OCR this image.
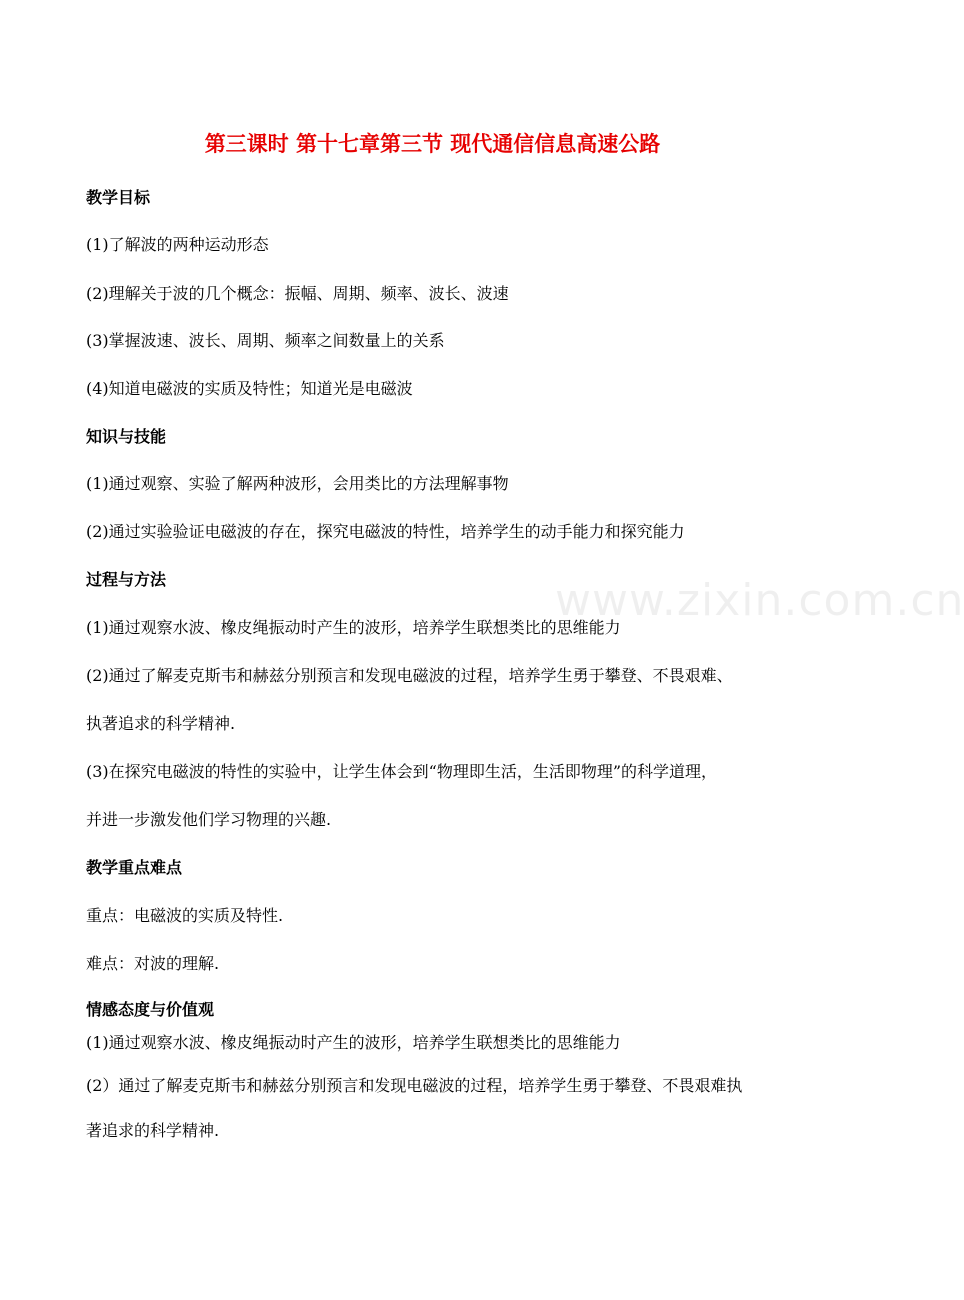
www.zixin.com.cn
第三课时 第十七章第三节 现代通信信息高速公路
教学目标
(1)了解波的两种运动形态
(2)理解关于波的几个概念：振幅、周期、频率、波长、波速
(3)掌握波速、波长、周期、频率之间数量上的关系
(4)知道电磁波的实质及特性；知道光是电磁波
知识与技能
(1)通过观察、实验了解两种波形，会用类比的方法理解事物
(2)通过实验验证电磁波的存在，探究电磁波的特性，培养学生的动手能力和探究能力
过程与方法
(1)通过观察水波、橡皮绳振动时产生的波形，培养学生联想类比的思维能力
(2)通过了解麦克斯韦和赫兹分别预言和发现电磁波的过程，培养学生勇于攀登、不畏艰难、
执著追求的科学精神.
(3)在探究电磁波的特性的实验中，让学生体会到“物理即生活，生活即物理”的科学道理，
并进一步激发他们学习物理的兴趣.
教学重点难点
重点：电磁波的实质及特性.
难点：对波的理解.
情感态度与价值观
(1)通过观察水波、橡皮绳振动时产生的波形，培养学生联想类比的思维能力
(2）通过了解麦克斯韦和赫兹分别预言和发现电磁波的过程，培养学生勇于攀登、不畏艰难执
著追求的科学精神.
